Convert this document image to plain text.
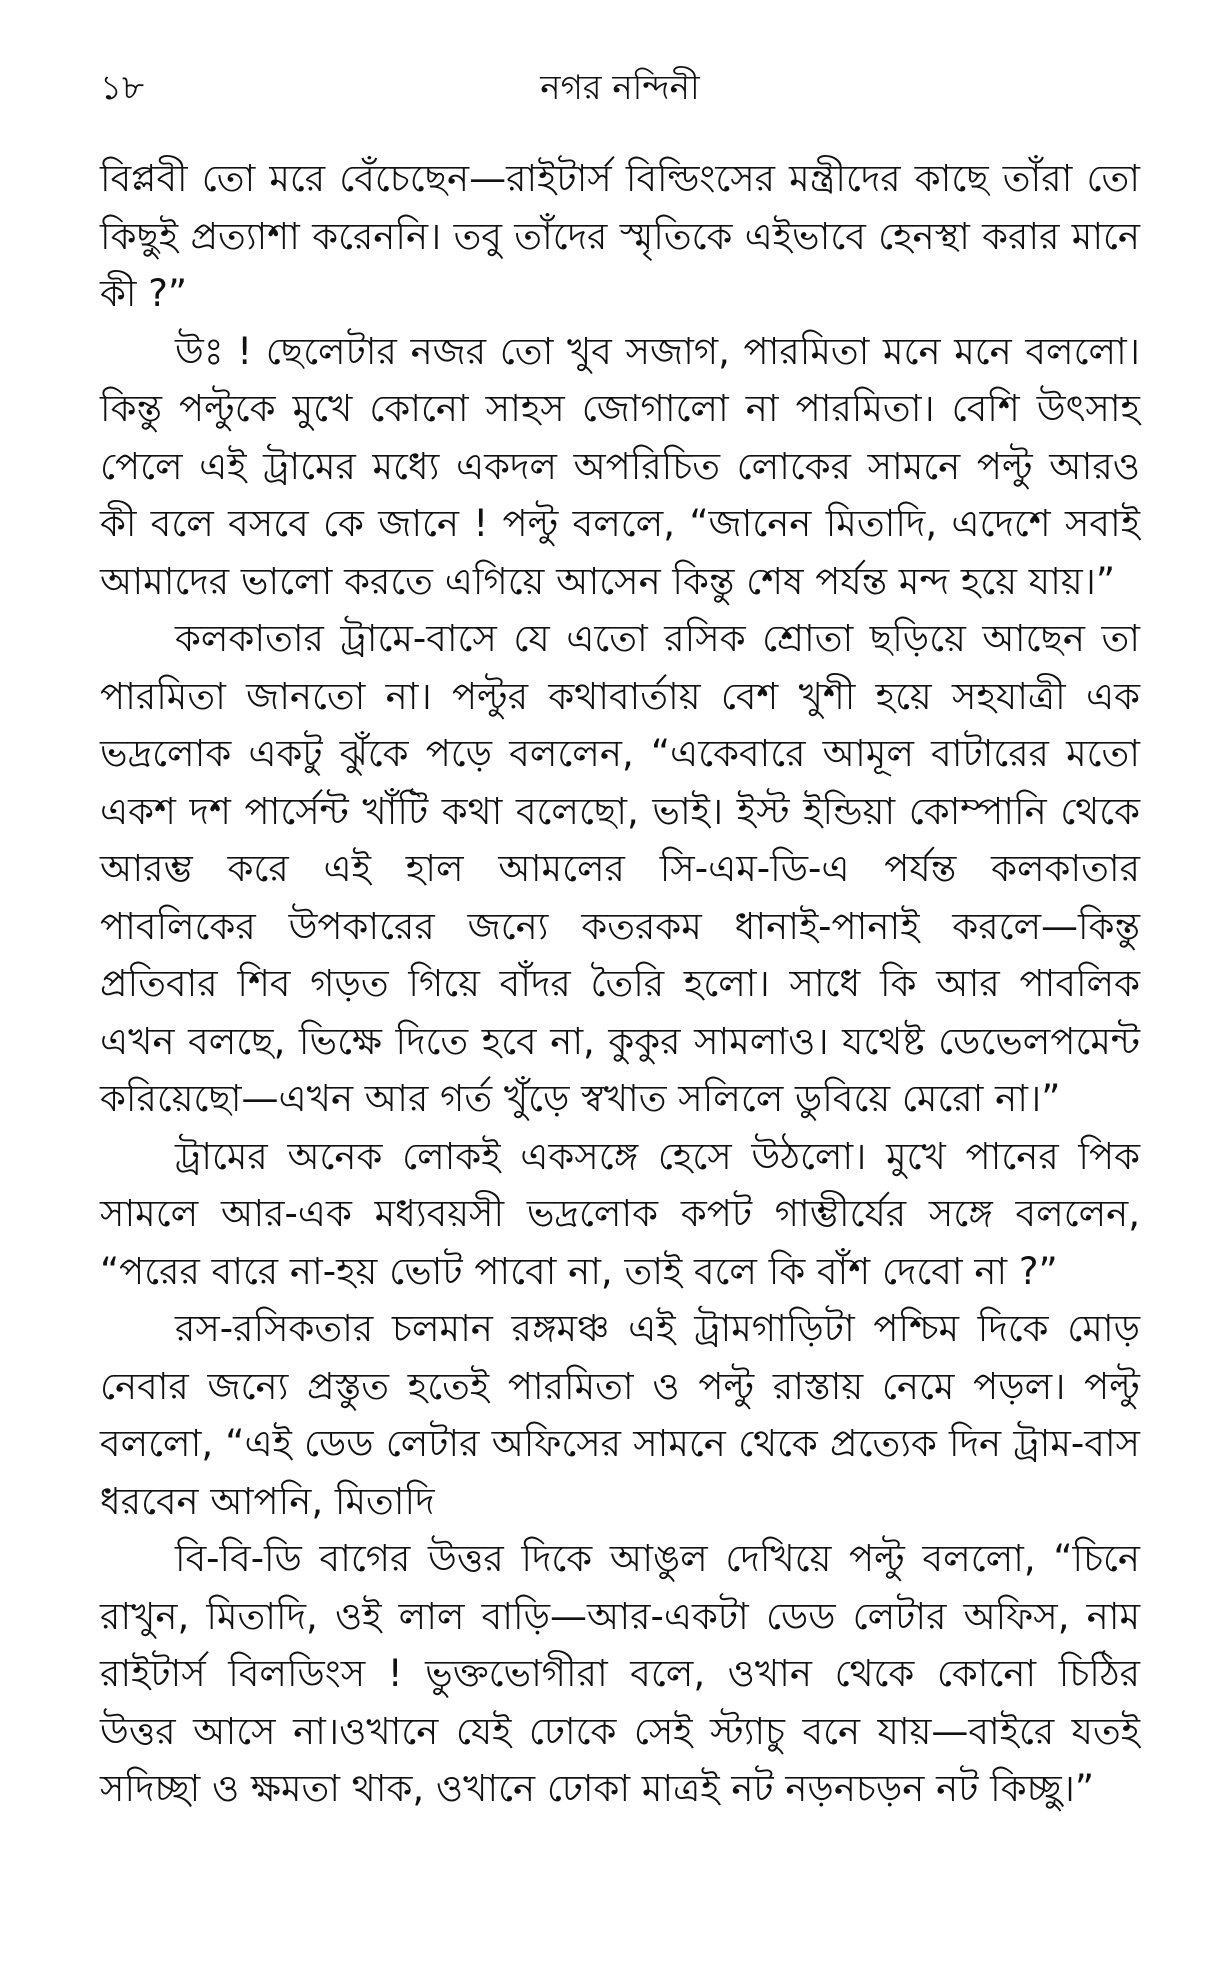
১৮	নগর নন্দিনী

বিপ্লবী তো মরে বেঁচেছেন—রাইটার্স বিল্ডিংসের মন্ত্রীদের কাছে তাঁরা তো কিছুই প্রত্যাশা করেননি। তবু তাঁদের স্মৃতিকে এইভাবে হেনস্থা করার মানে কী ?”

উঃ ! ছেলেটার নজর তো খুব সজাগ, পারমিতা মনে মনে বললো। কিন্তু পল্টুকে মুখে কোনো সাহস জোগালো না পারমিতা। বেশি উৎসাহ পেলে এই ট্রামের মধ্যে একদল অপরিচিত লোকের সামনে পল্টু আরও কী বলে বসবে কে জানে ! পল্টু বললে, “জানেন মিতাদি, এদেশে সবাই আমাদের ভালো করতে এগিয়ে আসেন কিন্তু শেষ পর্যন্ত মন্দ হয়ে যায়।”

কলকাতার ট্রামে-বাসে যে এতো রসিক শ্রোতা ছড়িয়ে আছেন তা পারমিতা জানতো না। পল্টুর কথাবার্তায় বেশ খুশী হয়ে সহযাত্রী এক ভদ্রলোক একটু ঝুঁকে পড়ে বললেন, “একেবারে আমূল বাটারের মতো একশ দশ পার্সেন্ট খাঁটি কথা বলেছো, ভাই। ইস্ট ইন্ডিয়া কোম্পানি থেকে আরম্ভ করে এই হাল আমলের সি-এম-ডি-এ পর্যন্ত কলকাতার পাবলিকের উপকারের জন্যে কতরকম ধানাই-পানাই করলে—কিন্তু প্রতিবার শিব গড়ত গিয়ে বাঁদর তৈরি হলো। সাধে কি আর পাবলিক এখন বলছে, ভিক্ষে দিতে হবে না, কুকুর সামলাও। যথেষ্ট ডেভেলপমেন্ট করিয়েছো—এখন আর গর্ত খুঁড়ে স্বখাত সলিলে ডুবিয়ে মেরো না।”

ট্রামের অনেক লোকই একসঙ্গে হেসে উঠলো। মুখে পানের পিক সামলে আর-এক মধ্যবয়সী ভদ্রলোক কপট গাম্ভীর্যের সঙ্গে বললেন, “পরের বারে না-হয় ভোট পাবো না, তাই বলে কি বাঁশ দেবো না ?”

রস-রসিকতার চলমান রঙ্গমঞ্চ এই ট্রামগাড়িটা পশ্চিম দিকে মোড় নেবার জন্যে প্রস্তুত হতেই পারমিতা ও পল্টু রাস্তায় নেমে পড়ল। পল্টু বললো, “এই ডেড লেটার অফিসের সামনে থেকে প্রত্যেক দিন ট্রাম-বাস ধরবেন আপনি, মিতাদি

বি-বি-ডি বাগের উত্তর দিকে আঙুল দেখিয়ে পল্টু বললো, “চিনে রাখুন, মিতাদি, ওই লাল বাড়ি—আর-একটা ডেড লেটার অফিস, নাম রাইটার্স বিলডিংস ! ভুক্তভোগীরা বলে, ওখান থেকে কোনো চিঠির উত্তর আসে না।ওখানে যেই ঢোকে সেই স্ট্যাচু বনে যায়—বাইরে যতই সদিচ্ছা ও ক্ষমতা থাক, ওখানে ঢোকা মাত্রই নট নড়নচড়ন নট কিচ্ছু।”
